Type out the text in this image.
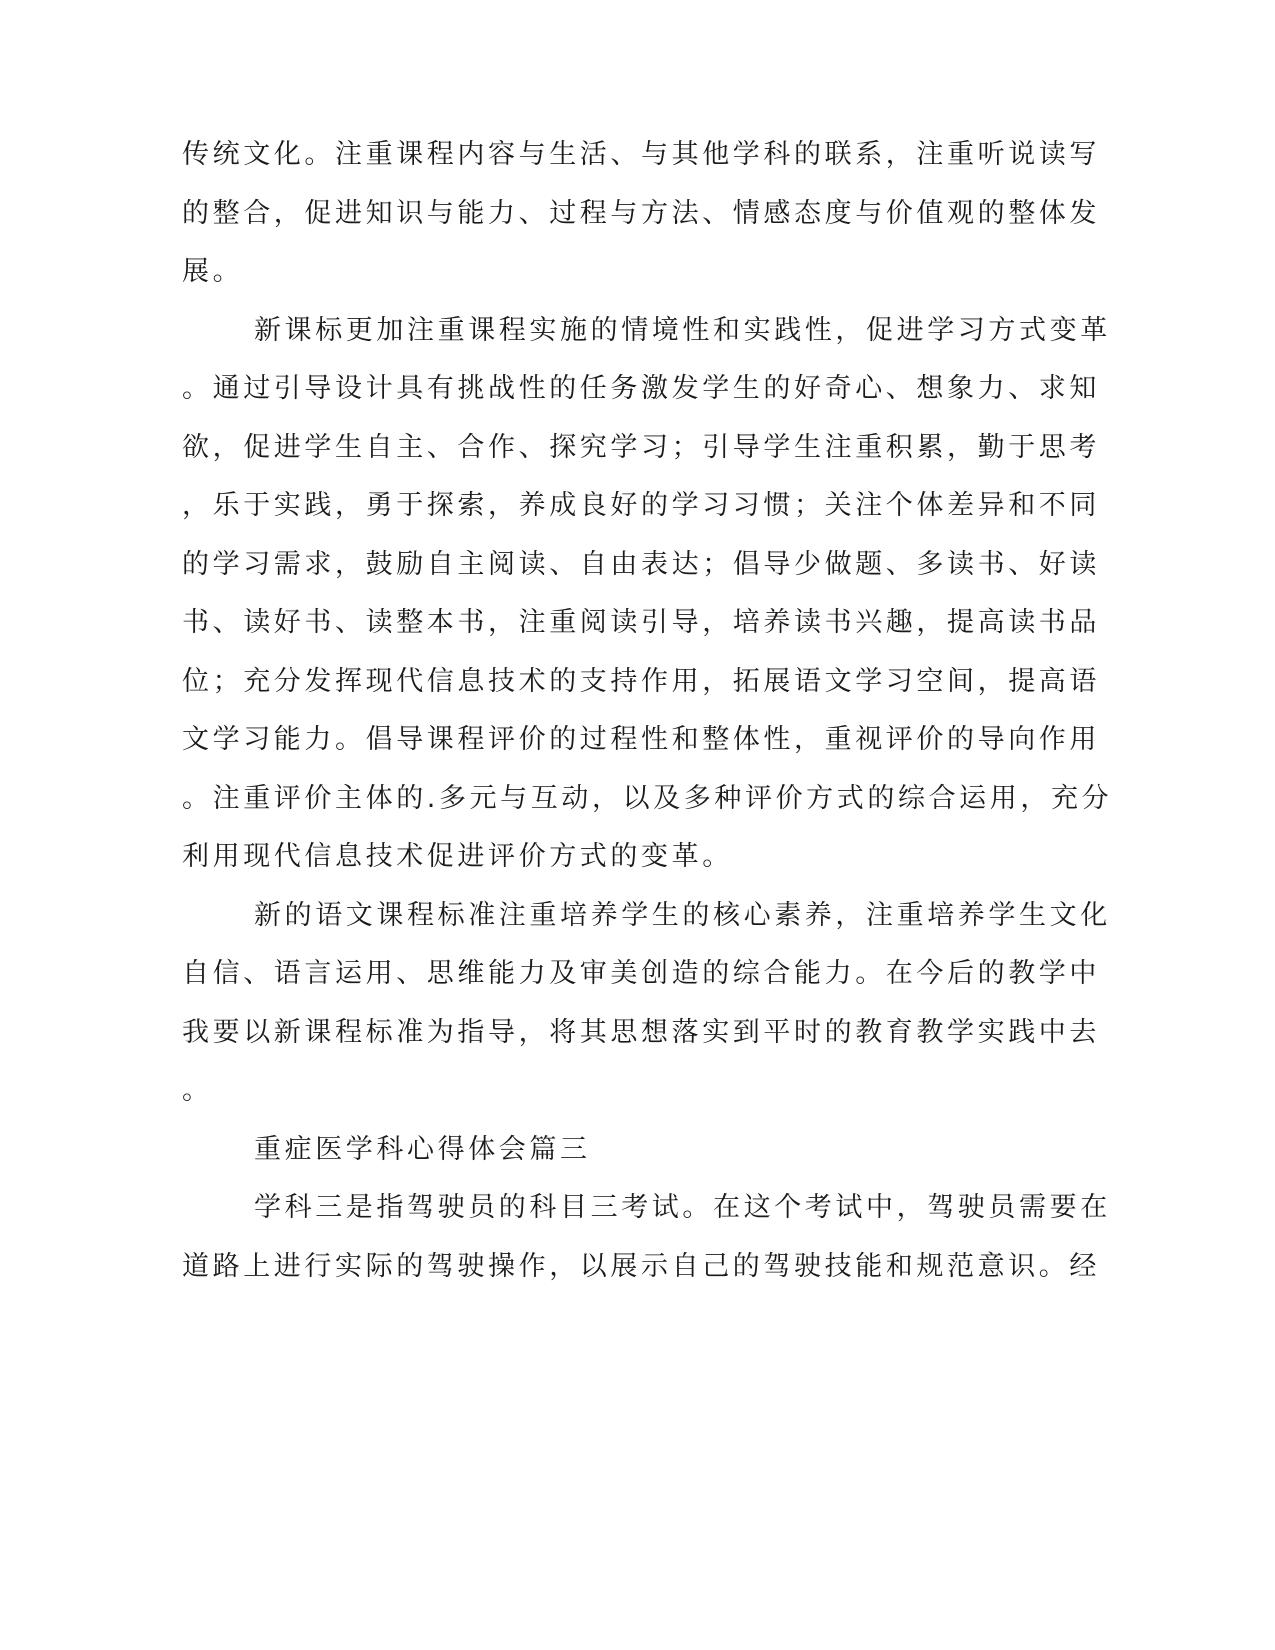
传统文化。注重课程内容与生活、与其他学科的联系，注重听说读写
的整合，促进知识与能力、过程与方法、情感态度与价值观的整体发
展。
新课标更加注重课程实施的情境性和实践性，促进学习方式变革
。通过引导设计具有挑战性的任务激发学生的好奇心、想象力、求知
欲，促进学生自主、合作、探究学习；引导学生注重积累，勤于思考
，乐于实践，勇于探索，养成良好的学习习惯；关注个体差异和不同
的学习需求，鼓励自主阅读、自由表达；倡导少做题、多读书、好读
书、读好书、读整本书，注重阅读引导，培养读书兴趣，提高读书品
位；充分发挥现代信息技术的支持作用，拓展语文学习空间，提高语
文学习能力。倡导课程评价的过程性和整体性，重视评价的导向作用
。注重评价主体的.多元与互动，以及多种评价方式的综合运用，充分
利用现代信息技术促进评价方式的变革。
新的语文课程标准注重培养学生的核心素养，注重培养学生文化
自信、语言运用、思维能力及审美创造的综合能力。在今后的教学中
我要以新课程标准为指导，将其思想落实到平时的教育教学实践中去
。
重症医学科心得体会篇三
学科三是指驾驶员的科目三考试。在这个考试中，驾驶员需要在
道路上进行实际的驾驶操作，以展示自己的驾驶技能和规范意识。经
